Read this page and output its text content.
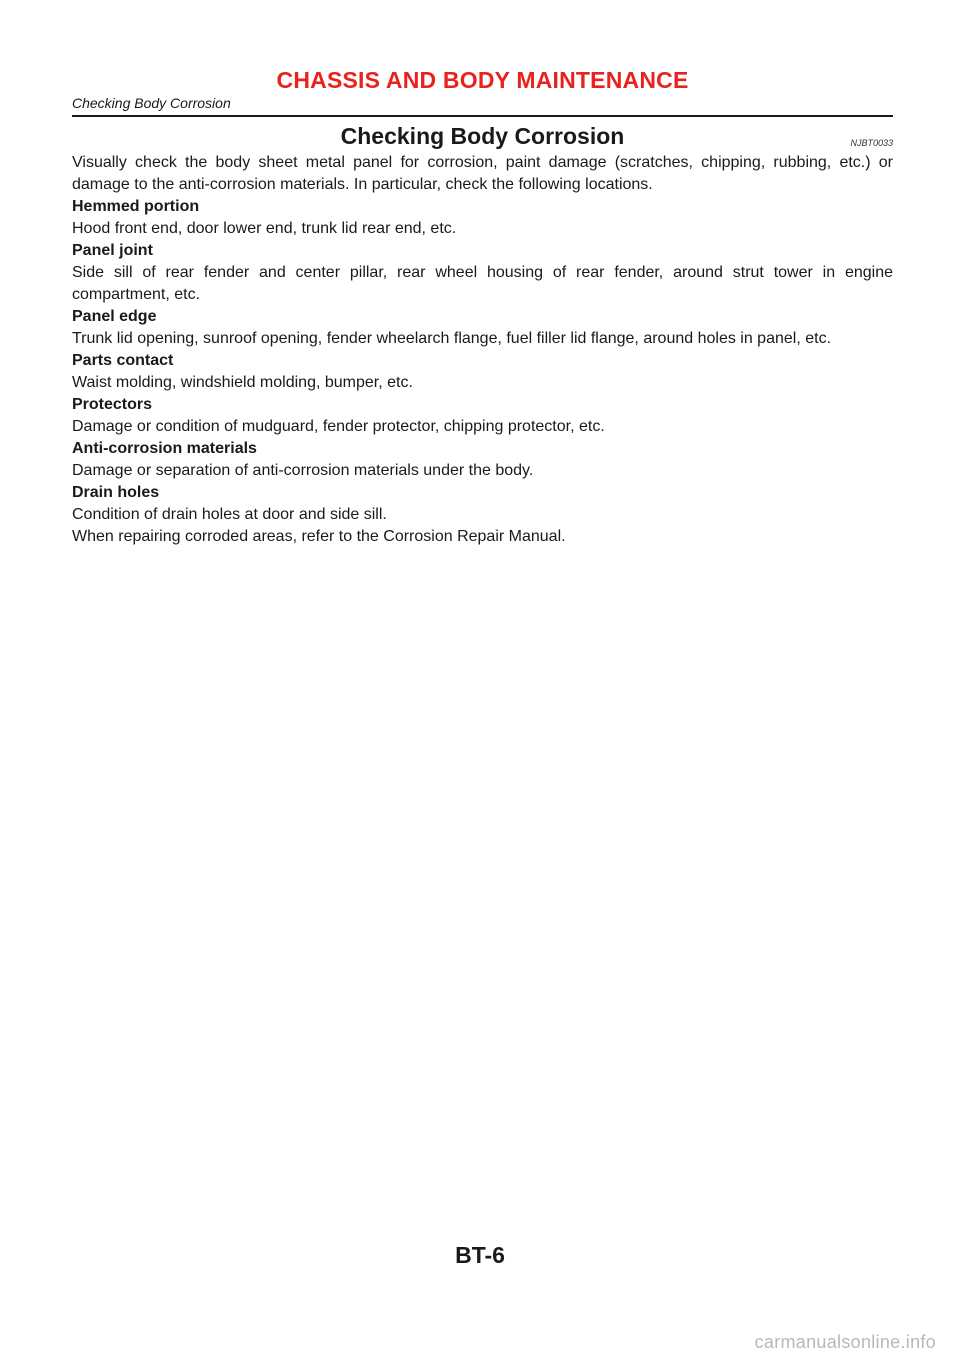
CHASSIS AND BODY MAINTENANCE
Checking Body Corrosion
Checking Body Corrosion	NJBT0033

Visually check the body sheet metal panel for corrosion, paint damage (scratches, chipping, rubbing, etc.) or

damage to the anti-corrosion materials. In particular, check the following locations.

Hemmed portion

Hood front end, door lower end, trunk lid rear end, etc.

Panel joint

Side sill of rear fender and center pillar, rear wheel housing of rear fender, around strut tower in engine

compartment, etc.

Panel edge

Trunk lid opening, sunroof opening, fender wheelarch flange, fuel filler lid flange, around holes in panel, etc.

Parts contact

Waist molding, windshield molding, bumper, etc.

Protectors

Damage or condition of mudguard, fender protector, chipping protector, etc.

Anti-corrosion materials

Damage or separation of anti-corrosion materials under the body.

Drain holes

Condition of drain holes at door and side sill.

When repairing corroded areas, refer to the Corrosion Repair Manual.

BT-6
carmanualsonline.info
